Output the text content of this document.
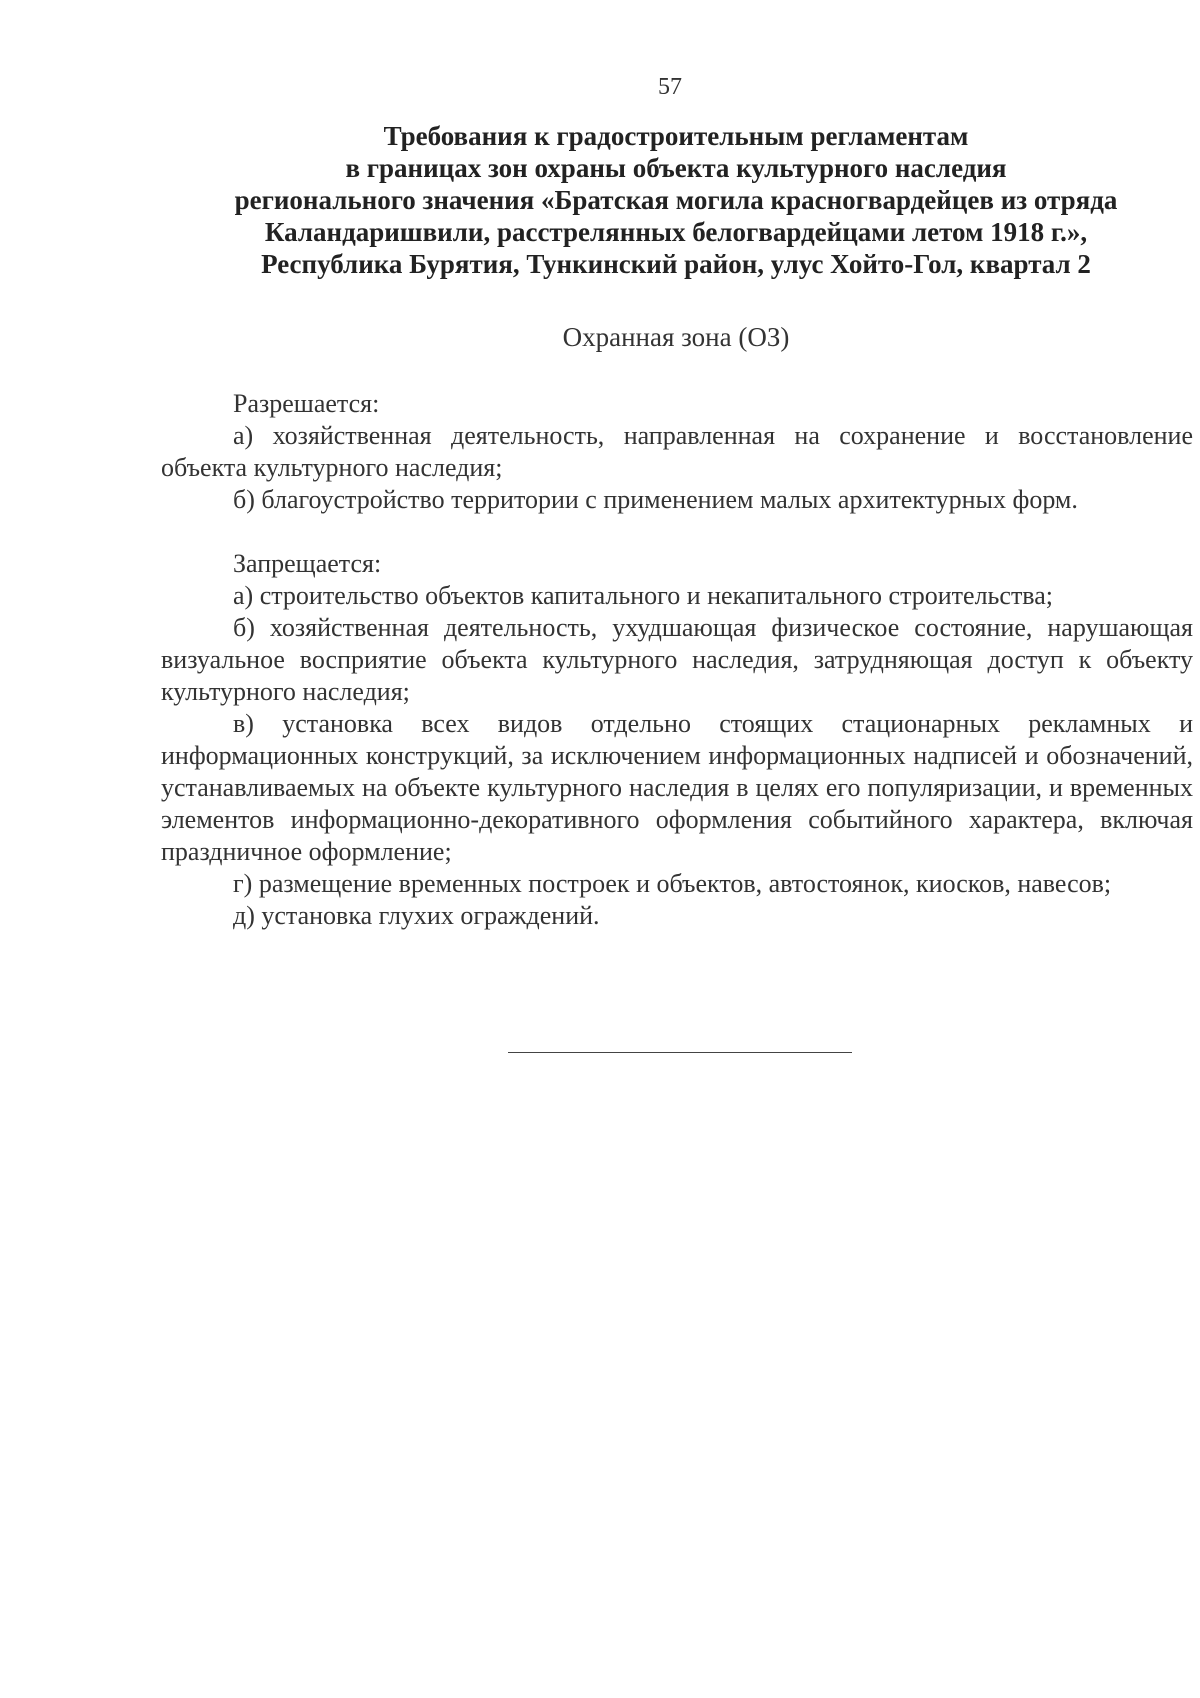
57
Требования к градостроительным регламентам
в границах зон охраны объекта культурного наследия
регионального значения «Братская могила красногвардейцев из отряда
Каландаришвили, расстрелянных белогвардейцами летом 1918 г.»,
Республика Бурятия, Тункинский район, улус Хойто-Гол, квартал 2
Охранная зона (ОЗ)

Разрешается:

а) хозяйственная деятельность, направленная на сохранение и восстановление объекта культурного наследия;

б) благоустройство территории с применением малых архитектурных форм.

Запрещается:

а) строительство объектов капитального и некапитального строительства;

б) хозяйственная деятельность, ухудшающая физическое состояние, нарушающая визуальное восприятие объекта культурного наследия, затрудняющая доступ к объекту культурного наследия;

в) установка всех видов отдельно стоящих стационарных рекламных и информационных конструкций, за исключением информационных надписей и обозначений, устанавливаемых на объекте культурного наследия в целях его популяризации, и временных элементов информационно-декоративного оформления событийного характера, включая праздничное оформление;

г) размещение временных построек и объектов, автостоянок, киосков, навесов;

д) установка глухих ограждений.
